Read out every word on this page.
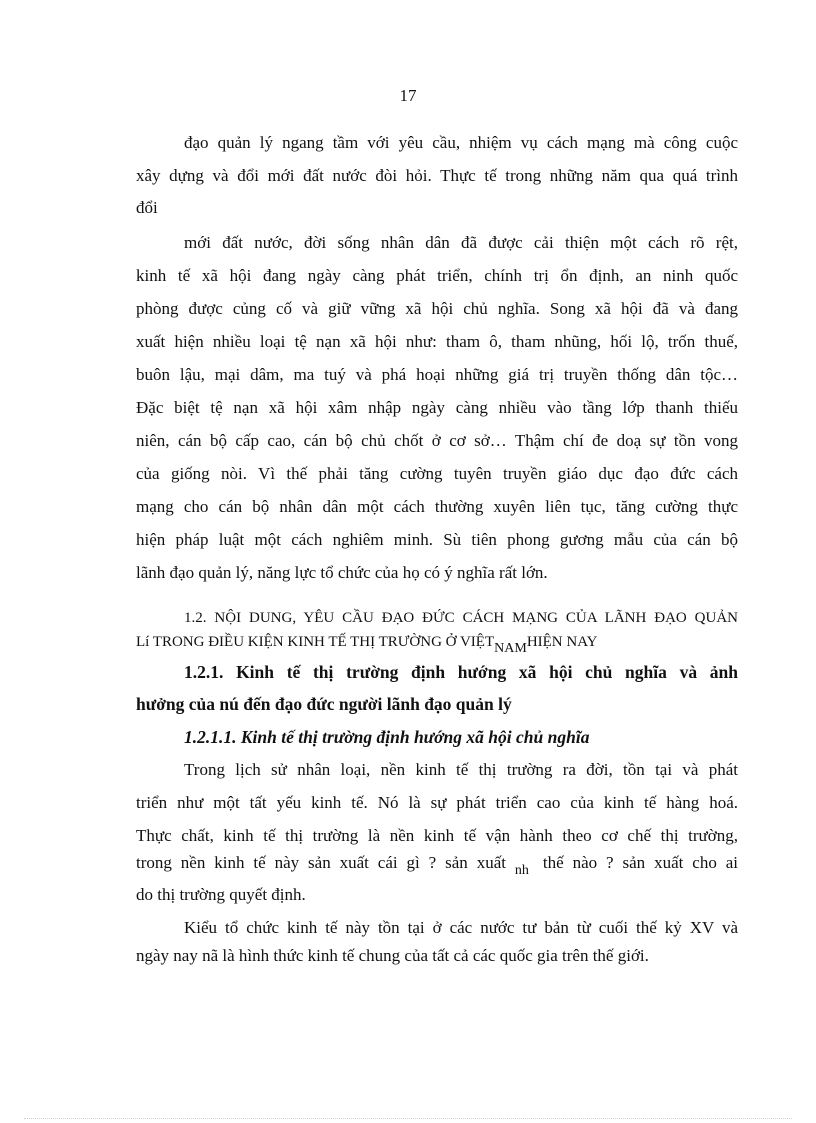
17
đạo quản lý ngang tầm với yêu cầu, nhiệm vụ cách mạng mà công cuộc
xây dựng và đổi mới đất nước đòi hỏi. Thực tế trong những năm qua quá trình
đổi
mới đất nước, đời sống nhân dân đã được cải thiện một cách rõ rệt,
kinh tế xã hội đang ngày càng phát triển, chính trị ổn định, an ninh quốc
phòng được củng cố và giữ vững xã hội chủ nghĩa. Song xã hội đã và đang
xuất hiện nhiều loại tệ nạn xã hội như: tham ô, tham nhũng, hối lộ, trốn thuế,
buôn lậu, mại dâm, ma tuý và phá hoại những giá trị truyền thống dân tộc…
Đặc biệt tệ nạn xã hội xâm nhập ngày càng nhiều vào tầng lớp thanh thiếu
niên, cán bộ cấp cao, cán bộ chủ chốt ở cơ sở… Thậm chí đe doạ sự tồn vong
của giống nòi. Vì thế phải tăng cường tuyên truyền giáo dục đạo đức cách
mạng cho cán bộ nhân dân một cách thường xuyên liên tục, tăng cường thực
hiện pháp luật một cách nghiêm minh. Sù tiên phong gương mẫu của cán bộ
lãnh đạo quản lý, năng lực tổ chức của họ có ý nghĩa rất lớn.
1.2. NỘI DUNG, YÊU CẦU ĐẠO ĐỨC CÁCH MẠNG CỦA LÃNH ĐẠO QUẢN
Lí TRONG ĐIỀU KIỆN KINH TẾ THỊ TRƯỜNG Ở VIỆTNAMHIỆN NAY
1.2.1. Kinh tế thị trường định hướng xã hội chủ nghĩa và ảnh
hưởng của nú đến đạo đức người lãnh đạo quản lý
1.2.1.1. Kinh tế thị trường định hướng xã hội chủ nghĩa
Trong lịch sử nhân loại, nền kinh tế thị trường ra đời, tồn tại và phát
triển như một tất yếu kinh tế. Nó là sự phát triển cao của kinh tế hàng hoá.
Thực chất, kinh tế thị trường là nền kinh tế vận hành theo cơ chế thị trường,
trong nền kinh tế này sản xuất cái gì ? sản xuất $_{nh}$ thế nào ? sản xuất cho ai
do thị trường quyết định.
Kiểu tổ chức kinh tế này tồn tại ở các nước tư bản từ cuối thế kỷ XV và
ngày nay nã là hình thức kinh tế chung của tất cả các quốc gia trên thế giới.
